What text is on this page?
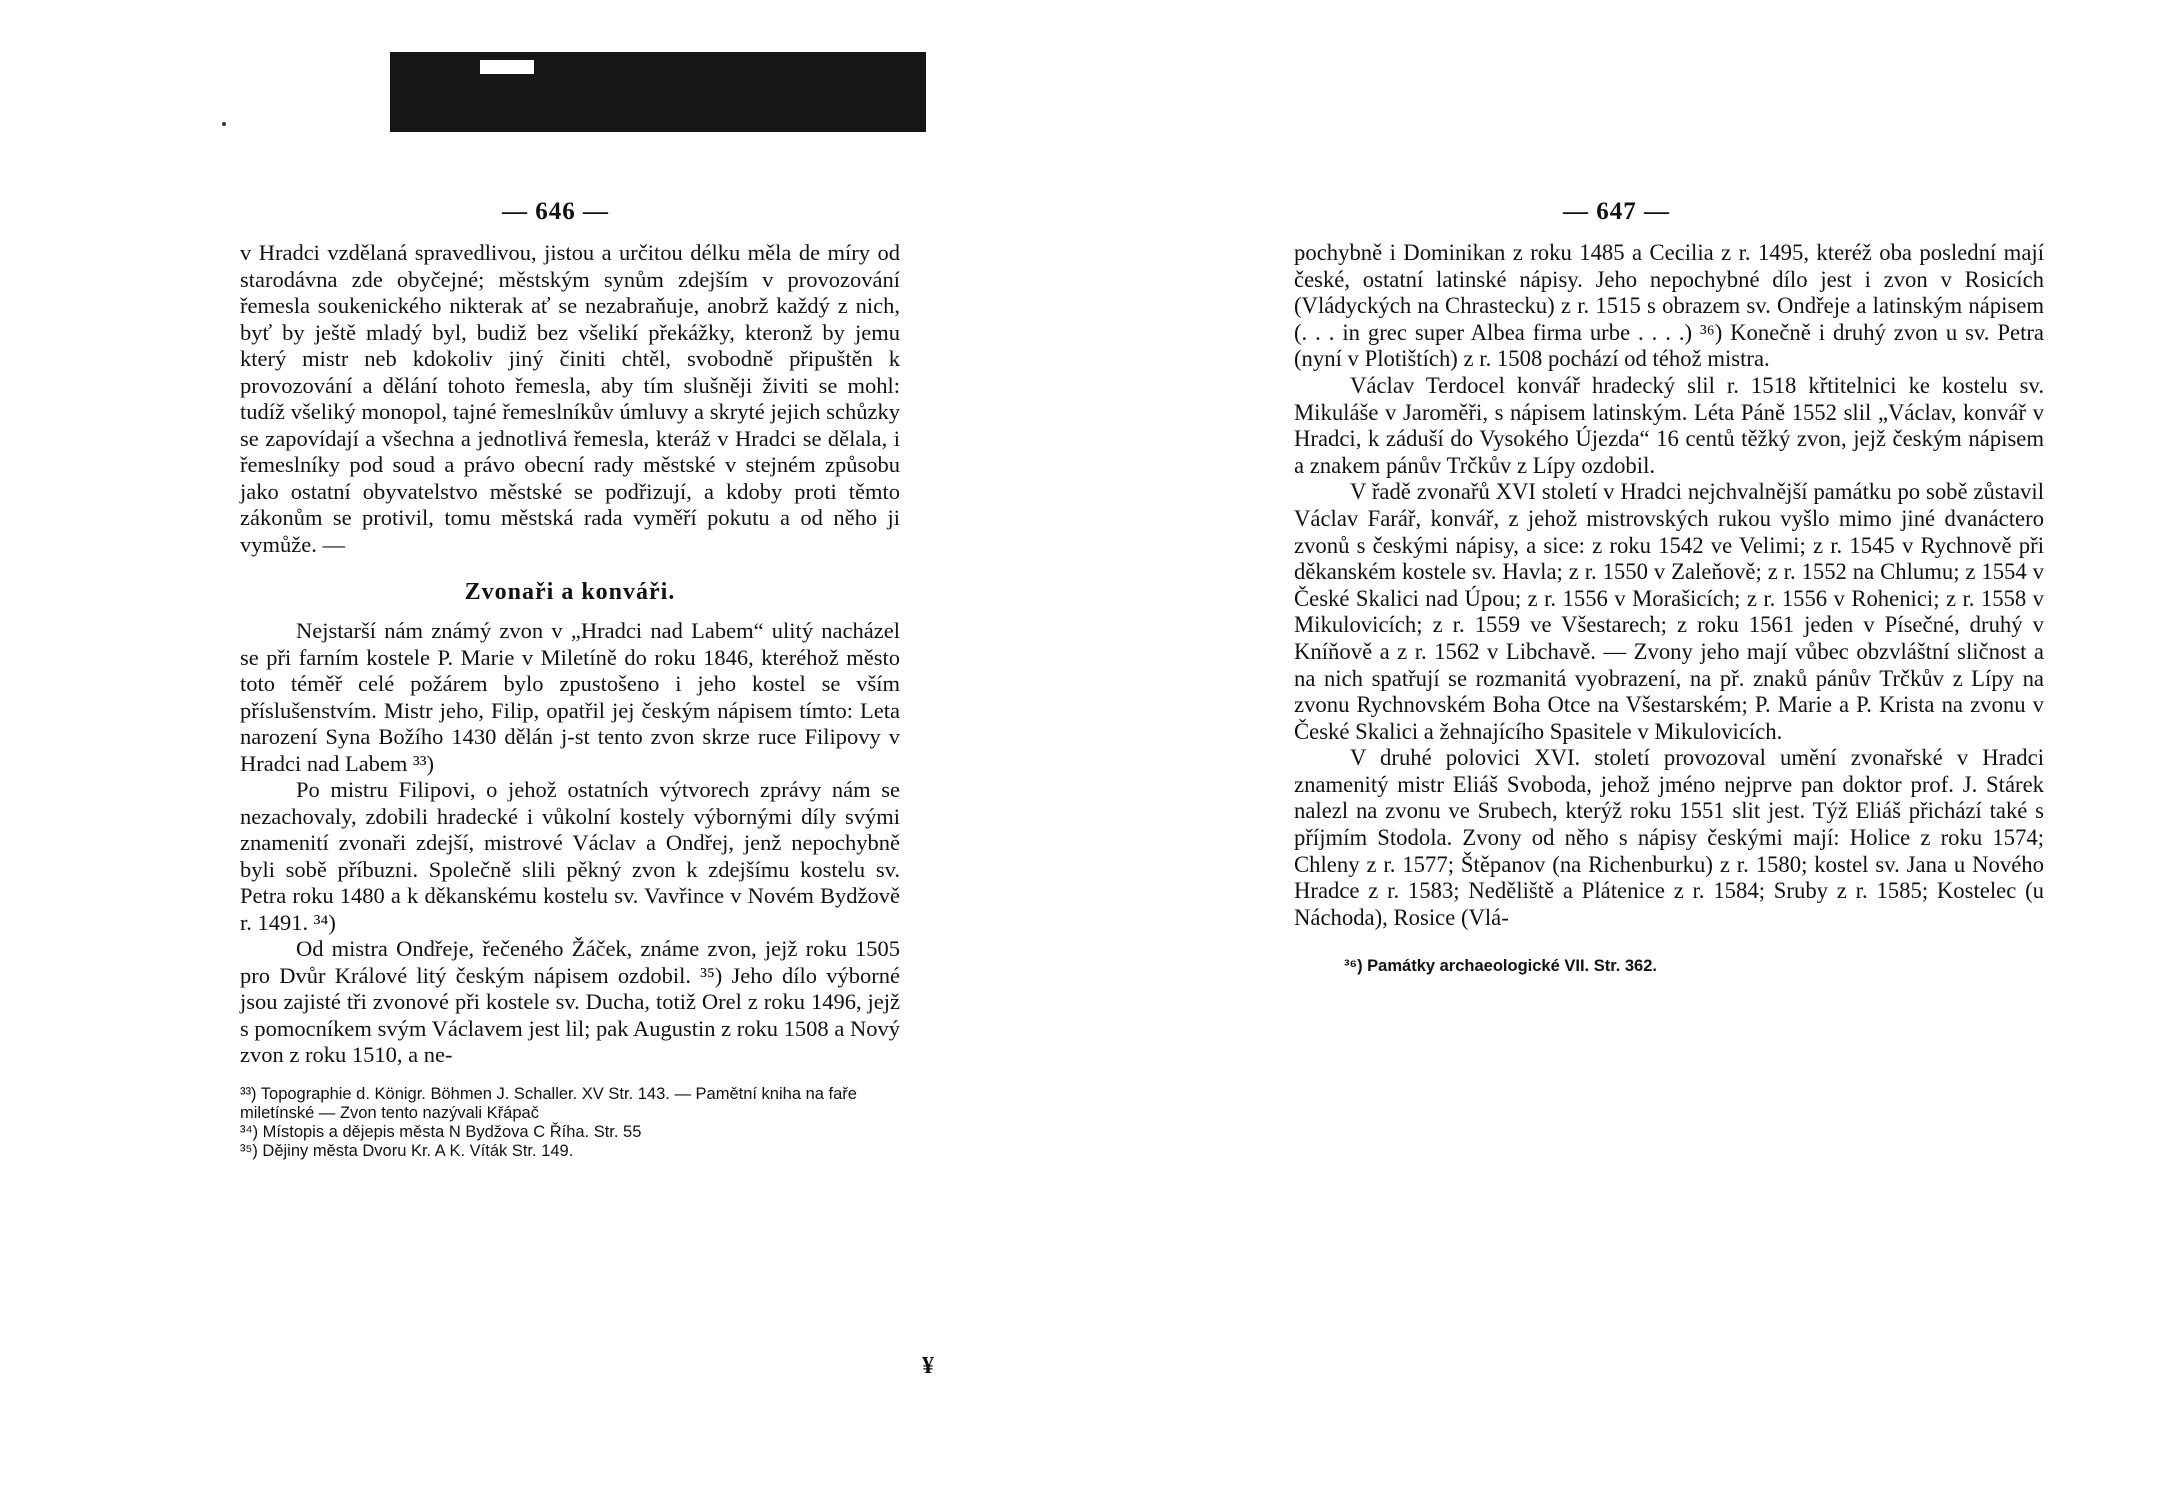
— 646 —

v Hradci vzdělaná spravedlivou, jistou a určitou délku měla de míry od starodávna zde obyčejné; městským synům zdejším v provozování řemesla soukenického nikterak ať se nezabraňuje, anobrž každý z nich, byť by ještě mladý byl, budiž bez všelikí překážky, kteronž by jemu který mistr neb kdokoliv jiný činiti chtěl, svobodně připuštěn k provozování a dělání tohoto řemesla, aby tím slušněji živiti se mohl: tudíž všeliký monopol, tajné řemeslníkův úmluvy a skryté jejich schůzky se zapovídají a všechna a jednotlivá řemesla, kteráž v Hradci se dělala, i řemeslníky pod soud a právo obecní rady městské v stejném způsobu jako ostatní obyvatelstvo městské se podřizují, a kdoby proti těmto zákonům se protivil, tomu městská rada vyměří pokutu a od něho ji vymůže. —

Zvonaři a konváři.

Nejstarší nám známý zvon v „Hradci nad Labem“ ulitý nacházel se při farním kostele P. Marie v Miletíně do roku 1846, kteréhož město toto téměř celé požárem bylo zpustošeno i jeho kostel se vším příslušenstvím. Mistr jeho, Filip, opatřil jej českým nápisem tímto: Leta narození Syna Božího 1430 dělán j-st tento zvon skrze ruce Filipovy v Hradci nad Labem ³³)

Po mistru Filipovi, o jehož ostatních výtvorech zprávy nám se nezachovaly, zdobili hradecké i vůkolní kostely výbornými díly svými znamenití zvonaři zdejší, mistrové Václav a Ondřej, jenž nepochybně byli sobě příbuzni. Společně slili pěkný zvon k zdejšímu kostelu sv. Petra roku 1480 a k děkanskému kostelu sv. Vavřince v Novém Bydžově r. 1491. ³⁴)

Od mistra Ondřeje, řečeného Žáček, známe zvon, jejž roku 1505 pro Dvůr Králové litý českým nápisem ozdobil. ³⁵) Jeho dílo výborné jsou zajisté tři zvonové při kostele sv. Ducha, totiž Orel z roku 1496, jejž s pomocníkem svým Václavem jest lil; pak Augustin z roku 1508 a Nový zvon z roku 1510, a ne-

³³) Topographie d. Königr. Böhmen J. Schaller. XV Str. 143. — Pamětní kniha na faře miletínské — Zvon tento nazývali Křápač
³⁴) Místopis a dějepis města N Bydžova C Říha. Str. 55
³⁵) Dějiny města Dvoru Kr. A K. Víták Str. 149.
¥
— 647 —

pochybně i Dominikan z roku 1485 a Cecilia z r. 1495, kteréž oba poslední mají české, ostatní latinské nápisy. Jeho nepochybné dílo jest i zvon v Rosicích (Vládyckých na Chrastecku) z r. 1515 s obrazem sv. Ondřeje a latinským nápisem (. . . in grec super Albea firma urbe . . . .) ³⁶) Konečně i druhý zvon u sv. Petra (nyní v Plotištích) z r. 1508 pochází od téhož mistra.

Václav Terdocel konvář hradecký slil r. 1518 křtitelnici ke kostelu sv. Mikuláše v Jaroměři, s nápisem latinským. Léta Páně 1552 slil „Václav, konvář v Hradci, k záduší do Vysokého Újezda“ 16 centů těžký zvon, jejž českým nápisem a znakem pánův Trčkův z Lípy ozdobil.

V řadě zvonařů XVI století v Hradci nejchvalnější památku po sobě zůstavil Václav Farář, konvář, z jehož mistrovských rukou vyšlo mimo jiné dvanáctero zvonů s českými nápisy, a sice: z roku 1542 ve Velimi; z r. 1545 v Rychnově při děkanském kostele sv. Havla; z r. 1550 v Zaleňově; z r. 1552 na Chlumu; z 1554 v České Skalici nad Úpou; z r. 1556 v Morašicích; z r. 1556 v Rohenici; z r. 1558 v Mikulovicích; z r. 1559 ve Všestarech; z roku 1561 jeden v Písečné, druhý v Kníňově a z r. 1562 v Libchavě. — Zvony jeho mají vůbec obzvláštní sličnost a na nich spatřují se rozmanitá vyobrazení, na př. znaků pánův Trčkův z Lípy na zvonu Rychnovském Boha Otce na Všestarském; P. Marie a P. Krista na zvonu v České Skalici a žehnajícího Spasitele v Mikulovicích.

V druhé polovici XVI. století provozoval umění zvonařské v Hradci znamenitý mistr Eliáš Svoboda, jehož jméno nejprve pan doktor prof. J. Stárek nalezl na zvonu ve Srubech, kterýž roku 1551 slit jest. Týž Eliáš přichází také s příjmím Stodola. Zvony od něho s nápisy českými mají: Holice z roku 1574; Chleny z r. 1577; Štěpanov (na Richenburku) z r. 1580; kostel sv. Jana u Nového Hradce z r. 1583; Neděliště a Plátenice z r. 1584; Sruby z r. 1585; Kostelec (u Náchoda), Rosice (Vlá-

³⁶) Památky archaeologické VII. Str. 362.
